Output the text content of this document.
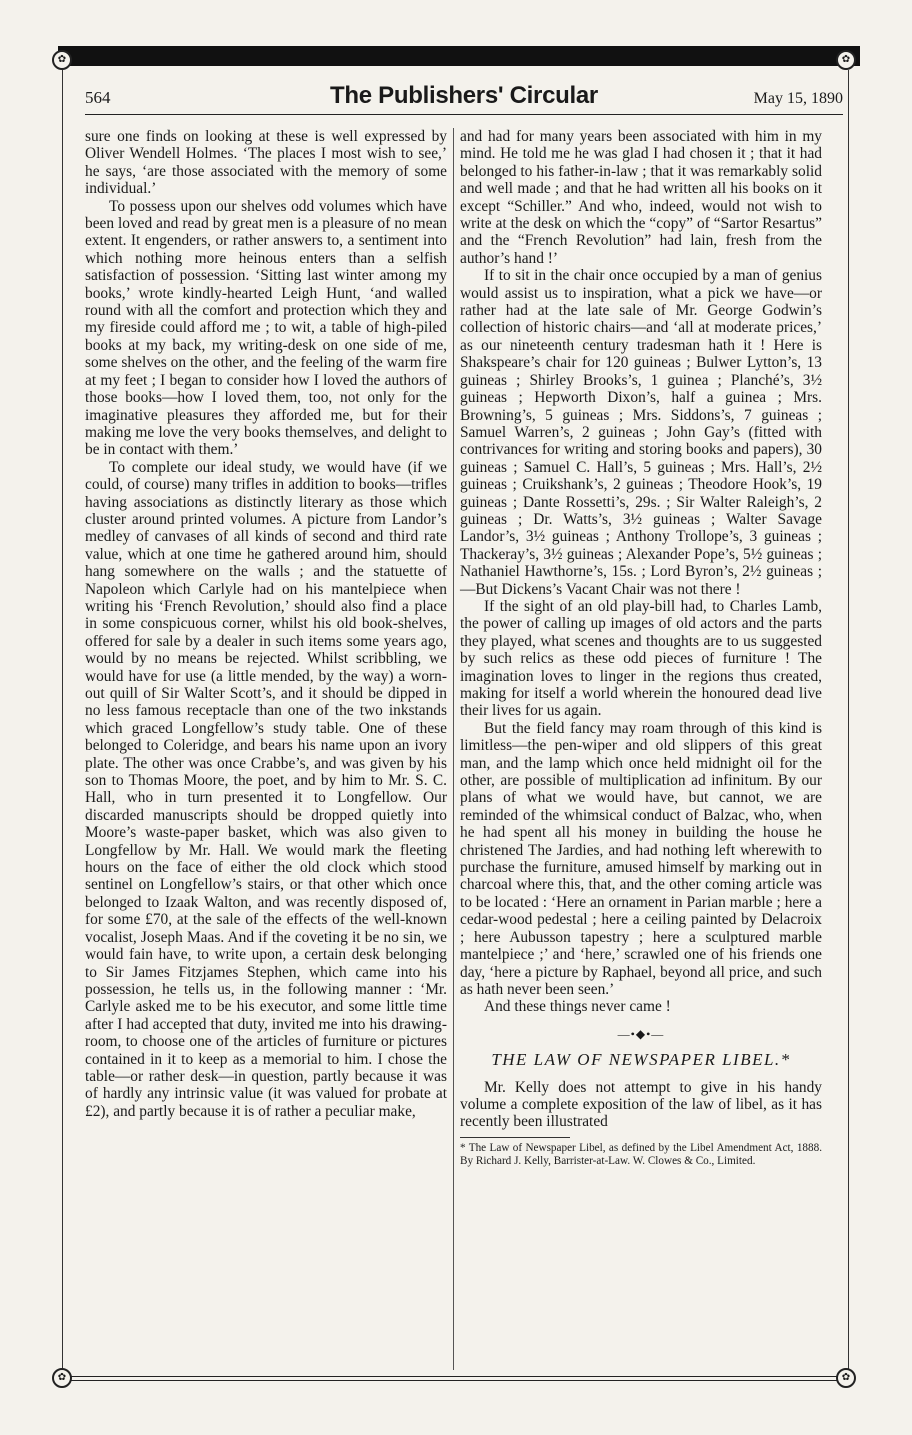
✿	✿
564	The Publishers' Circular	May 15, 1890

sure one finds on looking at these is well expressed by Oliver Wendell Holmes. ‘The places I most wish to see,’ he says, ‘are those associated with the memory of some individual.’

To possess upon our shelves odd volumes which have been loved and read by great men is a pleasure of no mean extent. It engenders, or rather answers to, a sentiment into which nothing more heinous enters than a selfish satisfaction of possession. ‘Sitting last winter among my books,’ wrote kindly-hearted Leigh Hunt, ‘and walled round with all the comfort and protection which they and my fireside could afford me ; to wit, a table of high-piled books at my back, my writing-desk on one side of me, some shelves on the other, and the feeling of the warm fire at my feet ; I began to consider how I loved the authors of those books—how I loved them, too, not only for the imaginative pleasures they afforded me, but for their making me love the very books themselves, and delight to be in contact with them.’

To complete our ideal study, we would have (if we could, of course) many trifles in addition to books—trifles having associations as distinctly literary as those which cluster around printed volumes. A picture from Landor’s medley of canvases of all kinds of second and third rate value, which at one time he gathered around him, should hang somewhere on the walls ; and the statuette of Napoleon which Carlyle had on his mantelpiece when writing his ‘French Revolution,’ should also find a place in some conspicuous corner, whilst his old book-shelves, offered for sale by a dealer in such items some years ago, would by no means be rejected. Whilst scribbling, we would have for use (a little mended, by the way) a worn-out quill of Sir Walter Scott’s, and it should be dipped in no less famous receptacle than one of the two inkstands which graced Longfellow’s study table. One of these belonged to Coleridge, and bears his name upon an ivory plate. The other was once Crabbe’s, and was given by his son to Thomas Moore, the poet, and by him to Mr. S. C. Hall, who in turn presented it to Longfellow. Our discarded manuscripts should be dropped quietly into Moore’s waste-paper basket, which was also given to Longfellow by Mr. Hall. We would mark the fleeting hours on the face of either the old clock which stood sentinel on Longfellow’s stairs, or that other which once belonged to Izaak Walton, and was recently disposed of, for some £70, at the sale of the effects of the well-known vocalist, Joseph Maas. And if the coveting it be no sin, we would fain have, to write upon, a certain desk belonging to Sir James Fitzjames Stephen, which came into his possession, he tells us, in the following manner : ‘Mr. Carlyle asked me to be his executor, and some little time after I had accepted that duty, invited me into his drawing-room, to choose one of the articles of furniture or pictures contained in it to keep as a memorial to him. I chose the table—or rather desk—in question, partly because it was of hardly any intrinsic value (it was valued for probate at £2), and partly because it is of rather a peculiar make,

and had for many years been associated with him in my mind. He told me he was glad I had chosen it ; that it had belonged to his father-in-law ; that it was remarkably solid and well made ; and that he had written all his books on it except “Schiller.” And who, indeed, would not wish to write at the desk on which the “copy” of “Sartor Resartus” and the “French Revolution” had lain, fresh from the author’s hand !’

If to sit in the chair once occupied by a man of genius would assist us to inspiration, what a pick we have—or rather had at the late sale of Mr. George Godwin’s collection of historic chairs—and ‘all at moderate prices,’ as our nineteenth century tradesman hath it ! Here is Shakspeare’s chair for 120 guineas ; Bulwer Lytton’s, 13 guineas ; Shirley Brooks’s, 1 guinea ; Planché’s, 3½ guineas ; Hepworth Dixon’s, half a guinea ; Mrs. Browning’s, 5 guineas ; Mrs. Siddons’s, 7 guineas ; Samuel Warren’s, 2 guineas ; John Gay’s (fitted with contrivances for writing and storing books and papers), 30 guineas ; Samuel C. Hall’s, 5 guineas ; Mrs. Hall’s, 2½ guineas ; Cruikshank’s, 2 guineas ; Theodore Hook’s, 19 guineas ; Dante Rossetti’s, 29s. ; Sir Walter Raleigh’s, 2 guineas ; Dr. Watts’s, 3½ guineas ; Walter Savage Landor’s, 3½ guineas ; Anthony Trollope’s, 3 guineas ; Thackeray’s, 3½ guineas ; Alexander Pope’s, 5½ guineas ; Nathaniel Hawthorne’s, 15s. ; Lord Byron’s, 2½ guineas ; —But Dickens’s Vacant Chair was not there !

If the sight of an old play-bill had, to Charles Lamb, the power of calling up images of old actors and the parts they played, what scenes and thoughts are to us suggested by such relics as these odd pieces of furniture ! The imagination loves to linger in the regions thus created, making for itself a world wherein the honoured dead live their lives for us again.

But the field fancy may roam through of this kind is limitless—the pen-wiper and old slippers of this great man, and the lamp which once held midnight oil for the other, are possible of multiplication ad infinitum. By our plans of what we would have, but cannot, we are reminded of the whimsical conduct of Balzac, who, when he had spent all his money in building the house he christened The Jardies, and had nothing left wherewith to purchase the furniture, amused himself by marking out in charcoal where this, that, and the other coming article was to be located : ‘Here an ornament in Parian marble ; here a cedar-wood pedestal ; here a ceiling painted by Delacroix ; here Aubusson tapestry ; here a sculptured marble mantelpiece ;’ and ‘here,’ scrawled one of his friends one day, ‘here a picture by Raphael, beyond all price, and such as hath never been seen.’

And these things never came !

—•◆•—
THE LAW OF NEWSPAPER LIBEL.*

Mr. Kelly does not attempt to give in his handy volume a complete exposition of the law of libel, as it has recently been illustrated

* The Law of Newspaper Libel, as defined by the Libel Amendment Act, 1888. By Richard J. Kelly, Barrister-at-Law. W. Clowes & Co., Limited.
✿	✿
